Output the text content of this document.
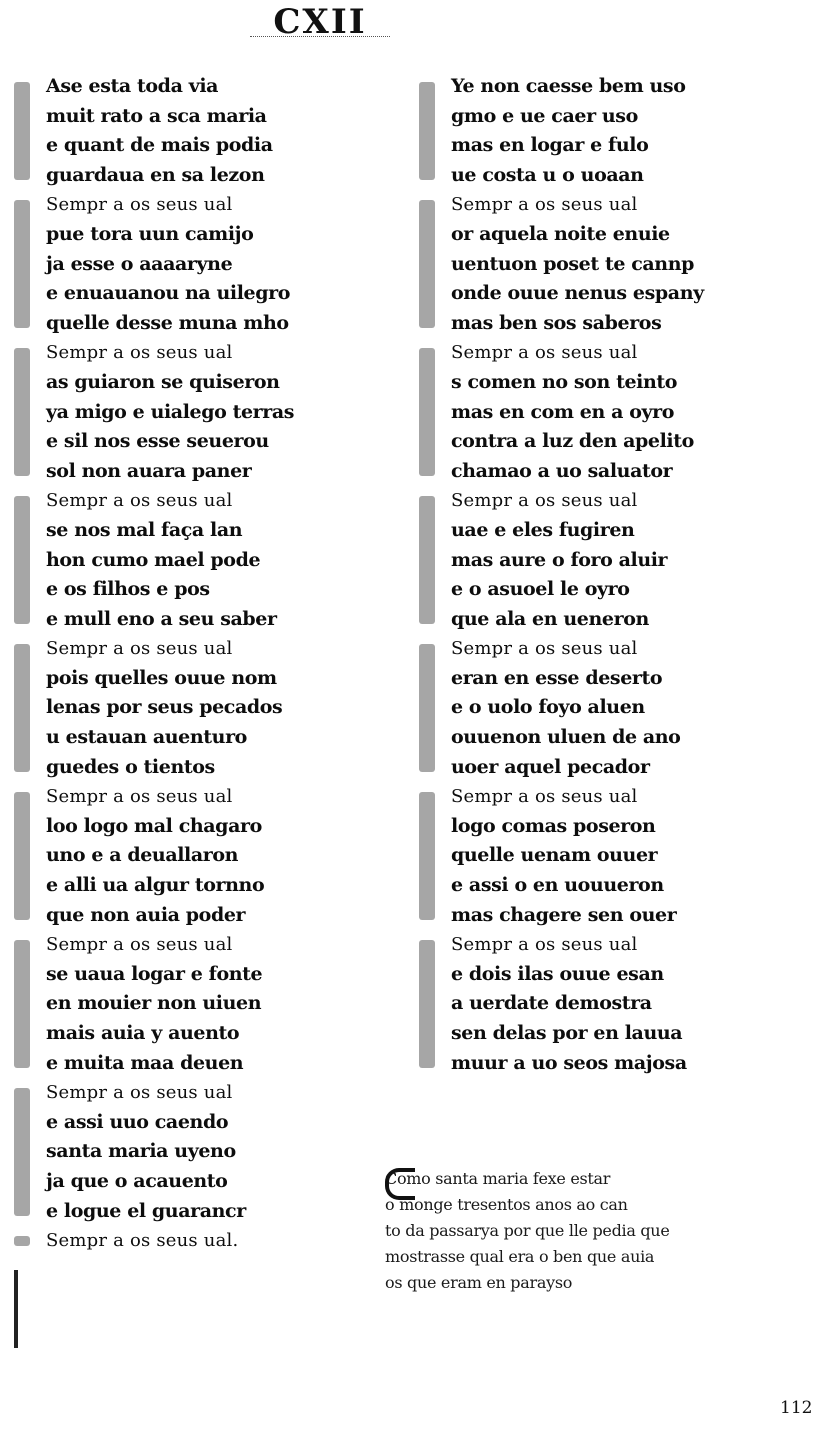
CXII
Ase esta toda via
muit rato a sca maria
e quant de mais podia
guardaua en sa lezon
Sempr a os seus ual
pue tora uun camijo
ja esse o aaaaryne
e enuauanou na uilegro
quelle desse muna mho
Sempr a os seus ual
as guiaron se quiseron
ya migo e uialego terras
e sil nos esse seuerou
sol non auara paner
Sempr a os seus ual
se nos mal faça lan
hon cumo mael pode
e os filhos e pos
e mull eno a seu saber
Sempr a os seus ual
pois quelles ouue nom
lenas por seus pecados
u estauan auenturo
guedes o tientos
Sempr a os seus ual
loo logo mal chagaro
uno e a deuallaron
e alli ua algur tornno
que non auia poder
Sempr a os seus ual
se uaua logar e fonte
en mouier non uiuen
mais auia y auento
e muita maa deuen
Sempr a os seus ual
e assi uuo caendo
santa maria uyeno
ja que o acauento
e logue el guarancr
Sempr a os seus ual.
Ye non caesse bem uso
gmo e ue caer uso
mas en logar e fulo
ue costa u o uoaan
Sempr a os seus ual
or aquela noite enuie
uentuon poset te cannp
onde ouue nenus espany
mas ben sos saberos
Sempr a os seus ual
s comen no son teinto
mas en com en a oyro
contra a luz den apelito
chamao a uo saluator
Sempr a os seus ual
uae e eles fugiren
mas aure o foro aluir
e o asuoel le oyro
que ala en ueneron
Sempr a os seus ual
eran en esse deserto
e o uolo foyo aluen
ouuenon uluen de ano
uoer aquel pecador
Sempr a os seus ual
logo comas poseron
quelle uenam ouuer
e assi o en uouueron
mas chagere sen ouer
Sempr a os seus ual
e dois ilas ouue esan
a uerdate demostra
sen delas por en lauua
muur a uo seos majosa
Como santa maria fexe estar
o monge tresentos anos ao can
to da passarya por que lle pedia que
mostrasse qual era o ben que auia
os que eram en parayso
112
